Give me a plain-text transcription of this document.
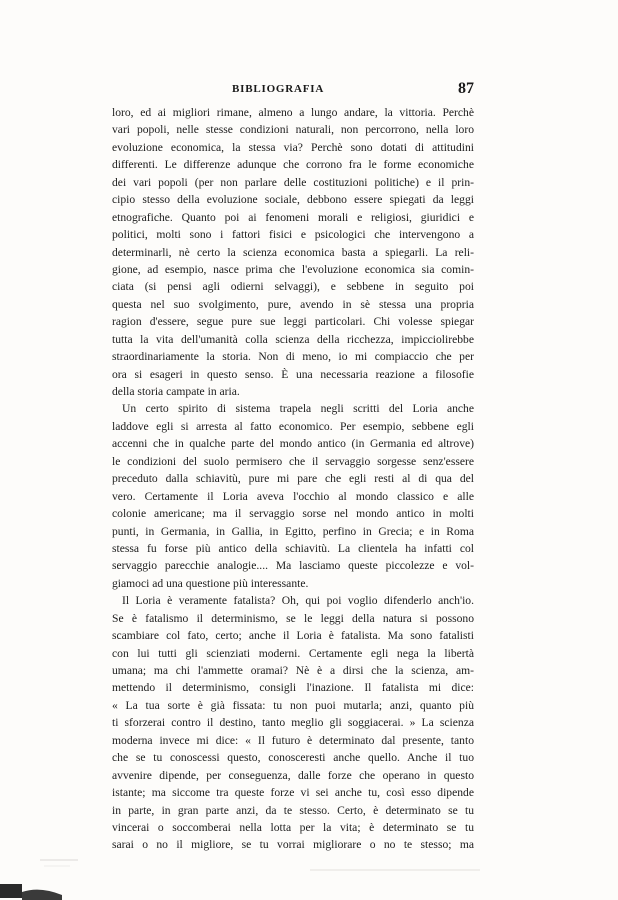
BIBLIOGRAFIA	87
loro, ed ai migliori rimane, almeno a lungo andare, la vittoria. Perchè
vari popoli, nelle stesse condizioni naturali, non percorrono, nella loro
evoluzione economica, la stessa via? Perchè sono dotati di attitudini
differenti. Le differenze adunque che corrono fra le forme economiche
dei vari popoli (per non parlare delle costituzioni politiche) e il prin-
cipio stesso della evoluzione sociale, debbono essere spiegati da leggi
etnografiche. Quanto poi ai fenomeni morali e religiosi, giuridici e
politici, molti sono i fattori fisici e psicologici che intervengono a
determinarli, nè certo la scienza economica basta a spiegarli. La reli-
gione, ad esempio, nasce prima che l'evoluzione economica sia comin-
ciata (si pensi agli odierni selvaggi), e sebbene in seguito poi
questa nel suo svolgimento, pure, avendo in sè stessa una propria
ragion d'essere, segue pure sue leggi particolari. Chi volesse spiegar
tutta la vita dell'umanità colla scienza della ricchezza, impicciolirebbe
straordinariamente la storia. Non di meno, io mi compiaccio che per
ora si esageri in questo senso. È una necessaria reazione a filosofie
della storia campate in aria.
Un certo spirito di sistema trapela negli scritti del Loria anche
laddove egli si arresta al fatto economico. Per esempio, sebbene egli
accenni che in qualche parte del mondo antico (in Germania ed altrove)
le condizioni del suolo permisero che il servaggio sorgesse senz'essere
preceduto dalla schiavitù, pure mi pare che egli resti al di qua del
vero. Certamente il Loria aveva l'occhio al mondo classico e alle
colonie americane; ma il servaggio sorse nel mondo antico in molti
punti, in Germania, in Gallia, in Egitto, perfino in Grecia; e in Roma
stessa fu forse più antico della schiavitù. La clientela ha infatti col
servaggio parecchie analogie.... Ma lasciamo queste piccolezze e vol-
giamoci ad una questione più interessante.
Il Loria è veramente fatalista? Oh, qui poi voglio difenderlo anch'io.
Se è fatalismo il determinismo, se le leggi della natura si possono
scambiare col fato, certo; anche il Loria è fatalista. Ma sono fatalisti
con lui tutti gli scienziati moderni. Certamente egli nega la libertà
umana; ma chi l'ammette oramai? Nè è a dirsi che la scienza, am-
mettendo il determinismo, consigli l'inazione. Il fatalista mi dice:
« La tua sorte è già fissata: tu non puoi mutarla; anzi, quanto più
ti sforzerai contro il destino, tanto meglio gli soggiacerai. » La scienza
moderna invece mi dice: « Il futuro è determinato dal presente, tanto
che se tu conoscessi questo, conosceresti anche quello. Anche il tuo
avvenire dipende, per conseguenza, dalle forze che operano in questo
istante; ma siccome tra queste forze vi sei anche tu, così esso dipende
in parte, in gran parte anzi, da te stesso. Certo, è determinato se tu
vincerai o soccomberai nella lotta per la vita; è determinato se tu
sarai o no il migliore, se tu vorrai migliorare o no te stesso; ma
